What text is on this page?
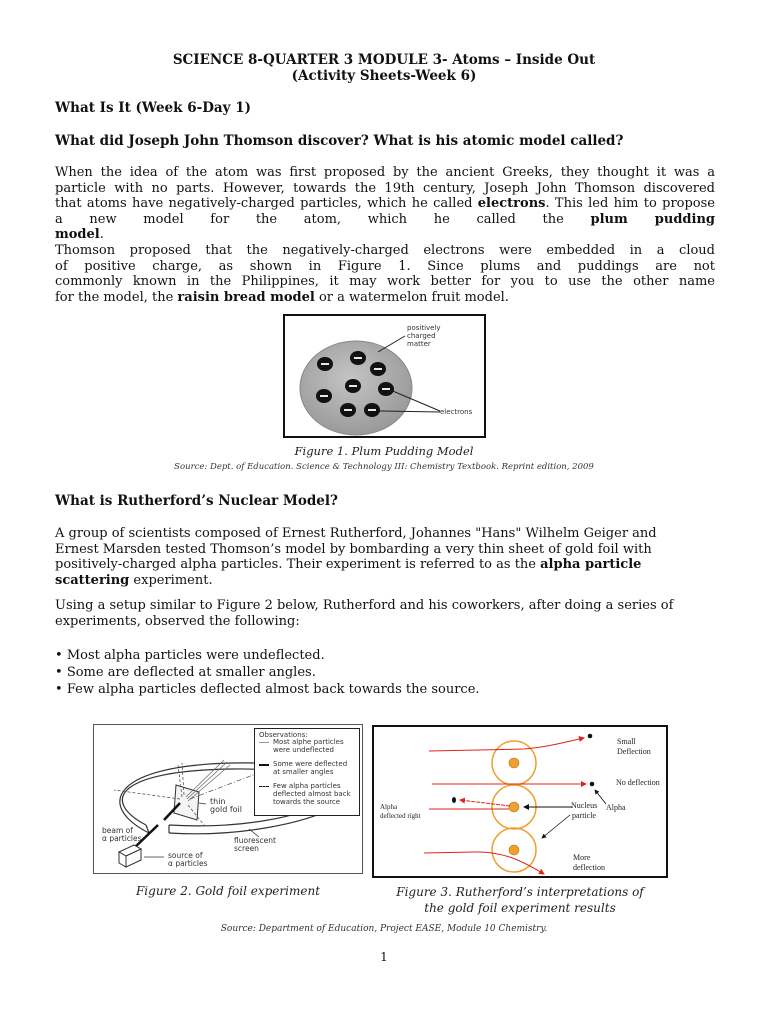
SCIENCE 8-QUARTER 3 MODULE 3- Atoms – Inside Out
(Activity Sheets-Week 6)
What Is It (Week 6-Day 1)
What did Joseph John Thomson discover? What is his atomic model called?
When the idea of the atom was first proposed by the ancient Greeks, they thought it was a
particle with no parts. However, towards the 19th century, Joseph John Thomson discovered
that atoms have negatively-charged particles, which he called electrons. This led him to propose
a new model for the atom, which he called the plum pudding model.
Thomson proposed that the negatively-charged electrons were embedded in a cloud
of positive charge, as shown in Figure 1. Since plums and puddings are not
commonly known in the Philippines, it may work better for you to use the other name
for the model, the raisin bread model or a watermelon fruit model.
positively
charged
matter
electrons
Figure 1. Plum Pudding Model
Source: Dept. of Education. Science & Technology III: Chemistry Textbook. Reprint edition, 2009
What is Rutherford’s Nuclear Model?
A group of scientists composed of Ernest Rutherford, Johannes "Hans" Wilhelm Geiger and
Ernest Marsden tested Thomson’s model by bombarding a very thin sheet of gold foil with
positively-charged alpha particles. Their experiment is referred to as the alpha particle
scattering experiment.
Using a setup similar to Figure 2 below, Rutherford and his coworkers, after doing a series of
experiments, observed the following:
• Most alpha particles were undeflected.
• Some are deflected at smaller angles.
• Few alpha particles deflected almost back towards the source.
Observations:
Most alphe particles
were undeflected
Some were deflected
at smaller angles
Few alpha particles
deflected almost back
towards the source
thin
gold foil
beam of
α particles
source of
α particles
fluorescent
screen
Figure 2. Gold foil experiment
Small
Deflection
No deflection
Alpha
deflected right
Nucleus Alpha
particle
More
deflection
Figure 3. Rutherford’s interpretations of
the gold foil experiment results
Source: Department of Education, Project EASE, Module 10 Chemistry.
1
